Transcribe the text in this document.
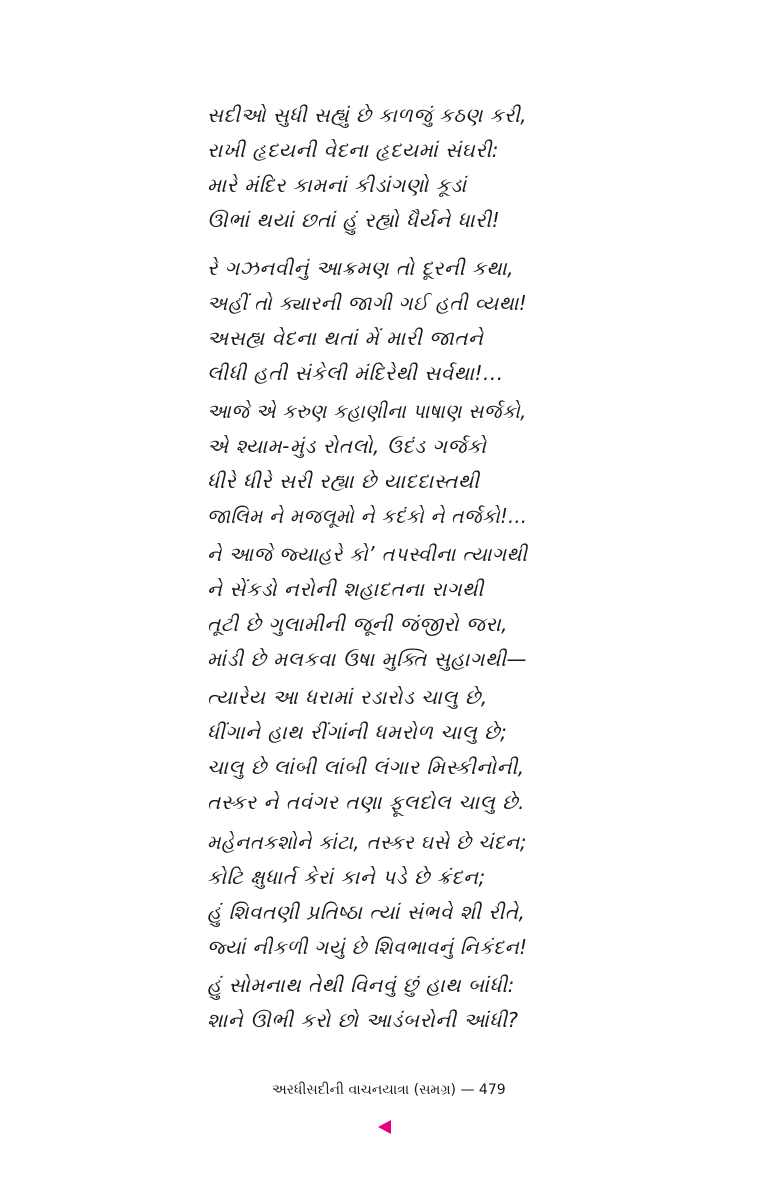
સદીઓ સુધી સહ્યું છે કાળજું કઠણ કરી,
રાખી હૃદયની વેદના હૃદયમાં સંઘરી:
મારે મંદિર કામનાં કીડાંગણો કૂડાં
ઊભાં થયાં છતાં હું રહ્યો ધૈર્યને ધારી!
રે ગઝનવીનું આક્રમણ તો દૂરની કથા,
અહીં તો ક્યારની જાગી ગઈ હતી વ્યથા!
અસહ્ય વેદના થતાં મેં મારી જાતને
લીધી હતી સંકેલી મંદિરેથી સર્વથા!...
આજે એ કરુણ કહાણીના પાષાણ સર્જકો,
એ શ્યામ-મુંડ રોતલો, ઉદંડ ગર્જકો
ધીરે ધીરે સરી રહ્યા છે યાદદાસ્તથી
જાલિમ ને મજલૂમો ને કદંકો ને તર્જકો!...
ને આજે જ્યાહરે કો’ તપસ્વીના ત્યાગથી
ને સેંકડો નરોની શહાદતના રાગથી
તૂટી છે ગુલામીની જૂની જંજીરો જરા,
માંડી છે મલકવા ઉષા મુક્તિ સુહાગથી—
ત્યારેય આ ધરામાં રડારોડ ચાલુ છે,
ધીંગાને હાથ રીંગાંની ધમરોળ ચાલુ છે;
ચાલુ છે લાંબી લાંબી લંગાર મિસ્કીનોની,
તસ્કર ને તવંગર તણા ફૂલદોલ ચાલુ છે.
મહેનતકશોને કાંટા, તસ્કર ઘસે છે ચંદન;
કોટિ ક્ષુધાર્ત કેરાં કાને પડે છે ક્રંદન;
હું શિવતણી પ્રતિષ્ઠા ત્યાં સંભવે શી રીતે,
જ્યાં નીકળી ગયું છે શિવભાવનું નિકંદન!
હું સોમનાથ તેથી વિનવું છું હાથ બાંધી:
શાને ઊભી કરો છો આડંબરોની આંધી?
અરધીસદીની વાચનયાત્રા (સમગ્ર) — 479
